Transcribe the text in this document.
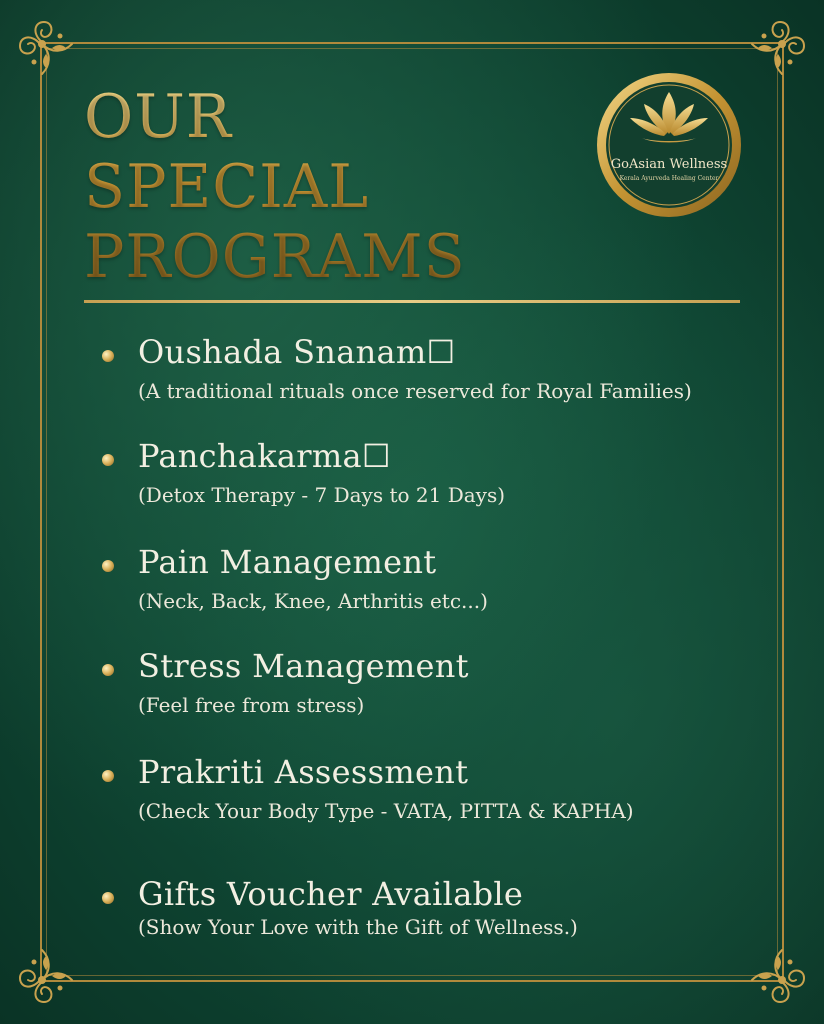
OUR
SPECIAL
PROGRAMS
GoAsian Wellness
Kerala Ayurveda Healing Center
Oushada Snanam☐
(A traditional rituals once reserved for Royal Families)
Panchakarma☐
(Detox Therapy - 7 Days to 21 Days)
Pain Management
(Neck, Back, Knee, Arthritis etc...)
Stress Management
(Feel free from stress)
Prakriti Assessment
(Check Your Body Type - VATA, PITTA & KAPHA)
Gifts Voucher Available
(Show Your Love with the Gift of Wellness.)
